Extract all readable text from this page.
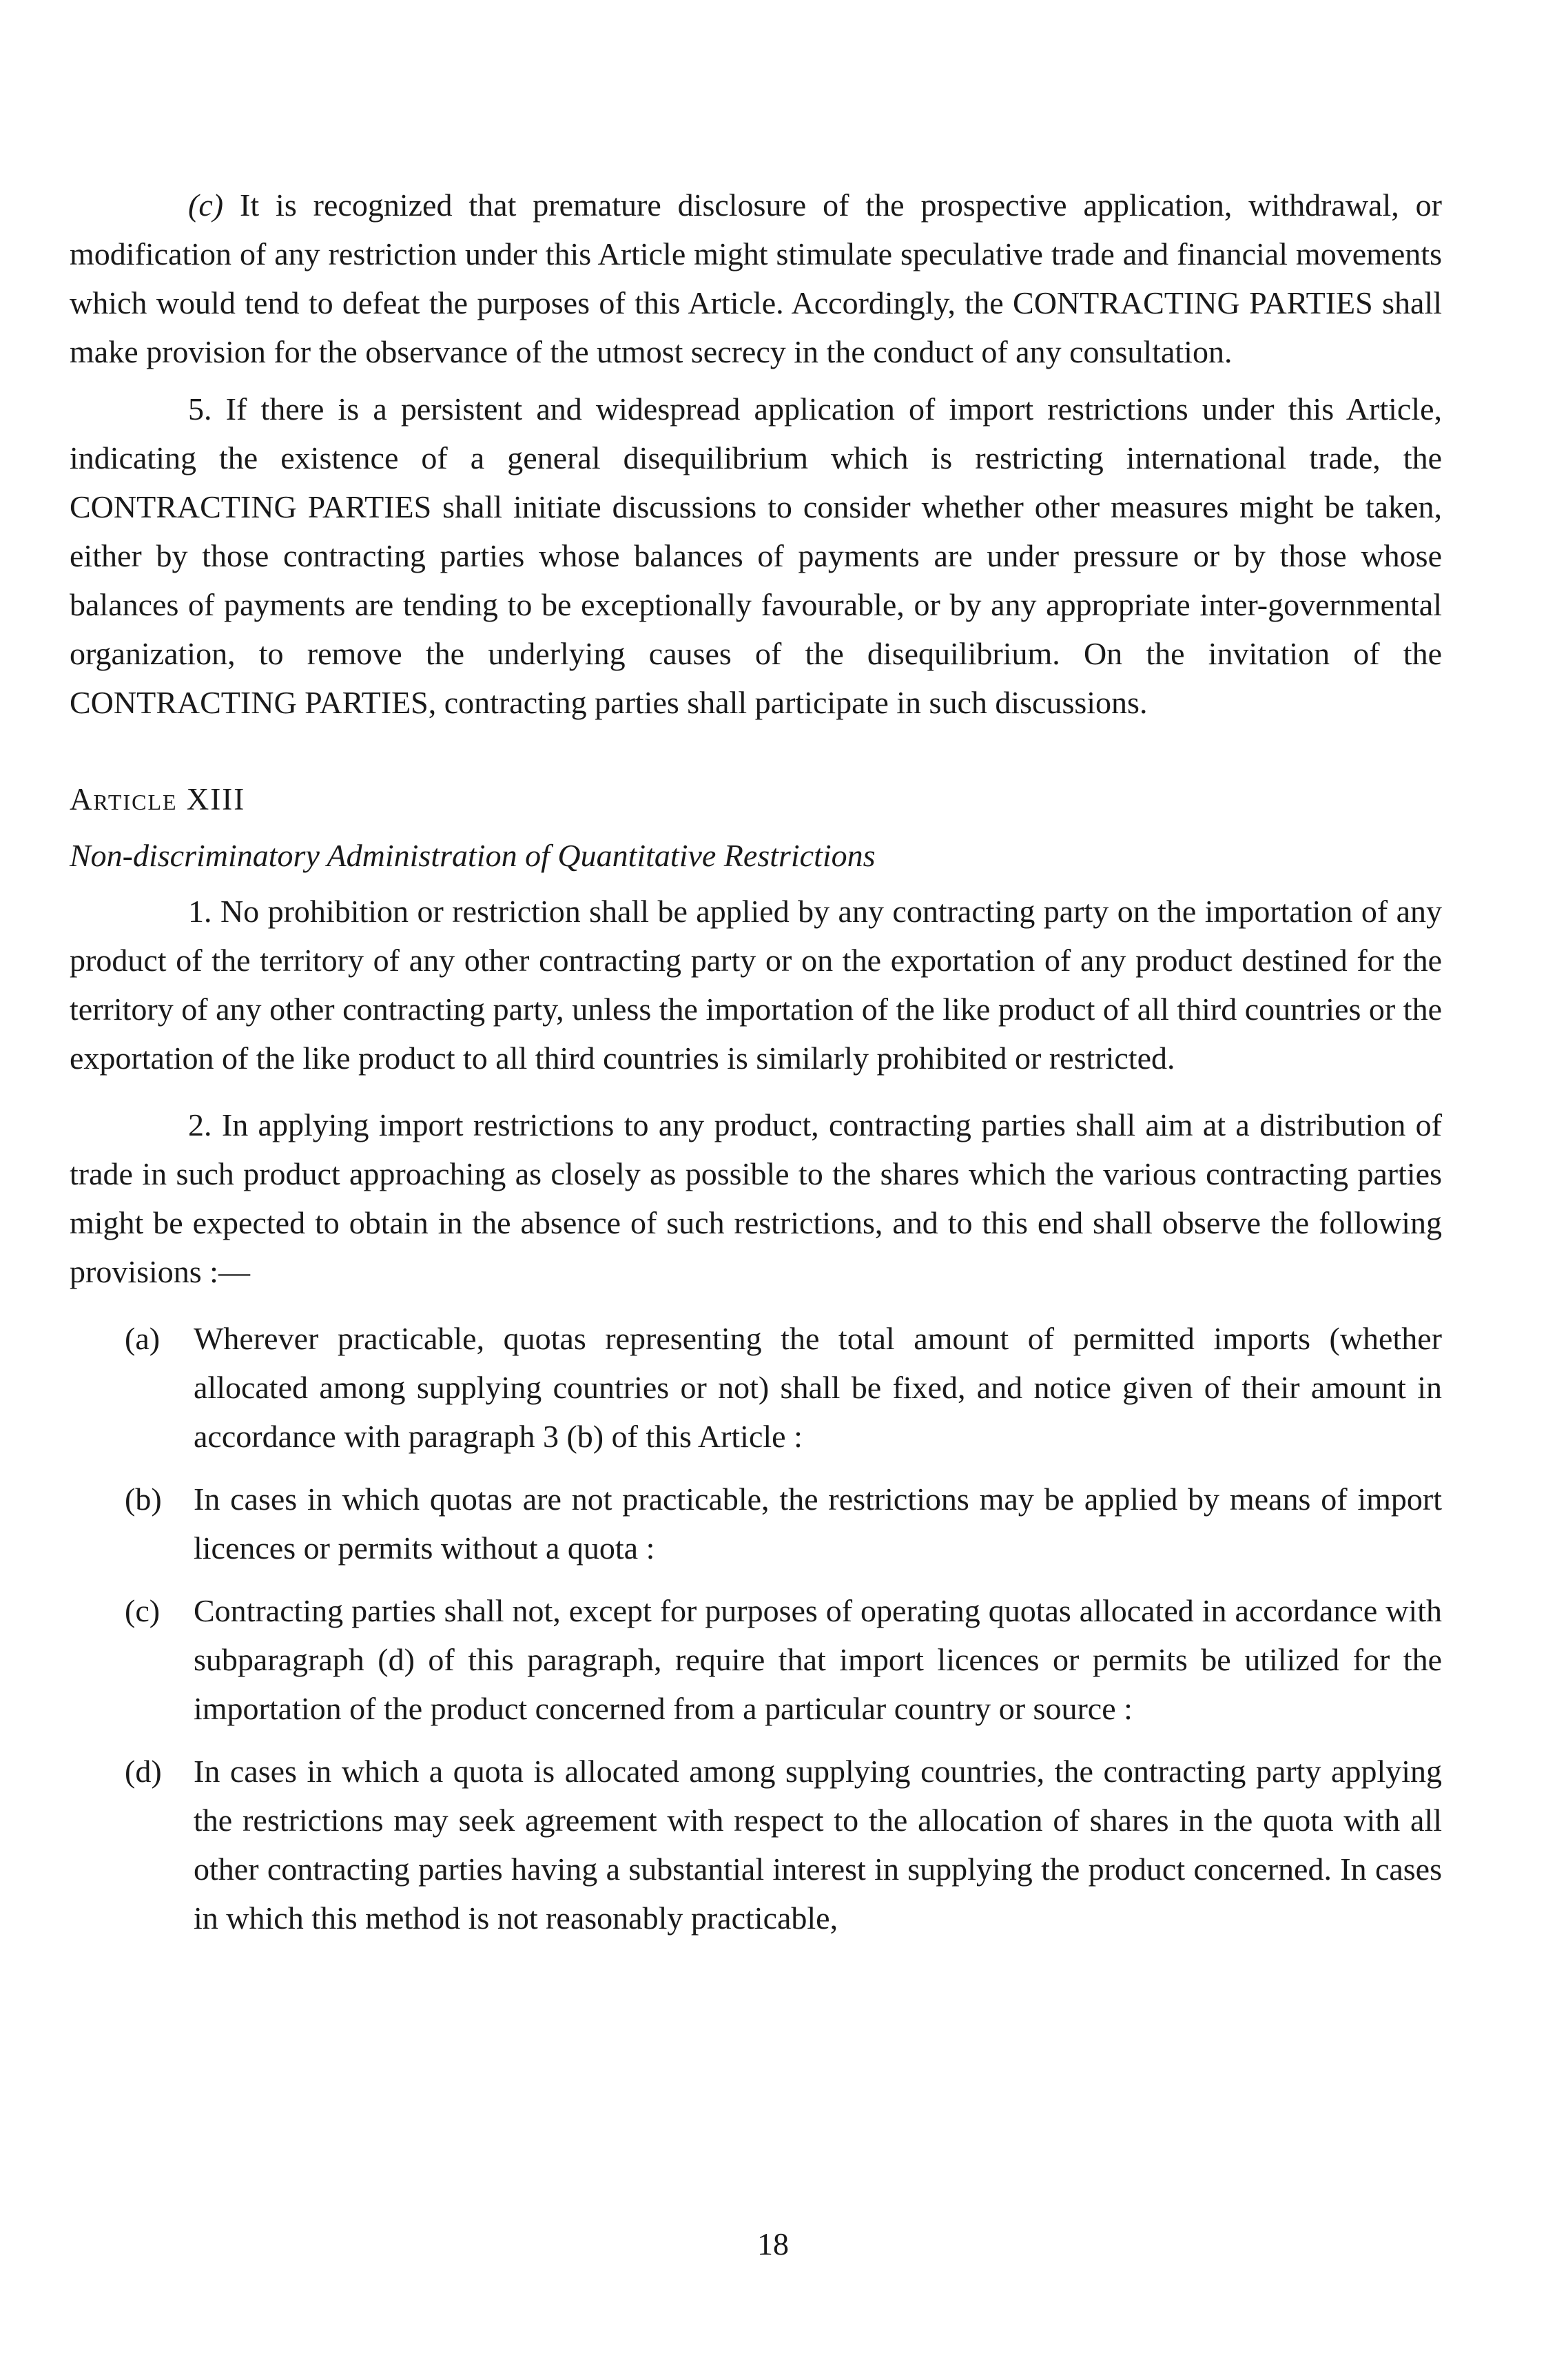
(c) It is recognized that premature disclosure of the prospective application, withdrawal, or modification of any restriction under this Article might stimulate speculative trade and financial movements which would tend to defeat the purposes of this Article. Accordingly, the CONTRACTING PARTIES shall make provision for the observance of the utmost secrecy in the conduct of any consultation.

5. If there is a persistent and widespread application of import restrictions under this Article, indicating the existence of a general disequilibrium which is restricting international trade, the CONTRACTING PARTIES shall initiate discussions to consider whether other measures might be taken, either by those contracting parties whose balances of payments are under pressure or by those whose balances of payments are tending to be exceptionally favourable, or by any appropriate inter-governmental organization, to remove the underlying causes of the disequilibrium. On the invitation of the CONTRACTING PARTIES, contracting parties shall participate in such discussions.

Article XIII
Non-discriminatory Administration of Quantitative Restrictions

1. No prohibition or restriction shall be applied by any contracting party on the importation of any product of the territory of any other contracting party or on the exportation of any product destined for the territory of any other contracting party, unless the importation of the like product of all third countries or the exportation of the like product to all third countries is similarly prohibited or restricted.

2. In applying import restrictions to any product, contracting parties shall aim at a distribution of trade in such product approaching as closely as possible to the shares which the various contracting parties might be expected to obtain in the absence of such restrictions, and to this end shall observe the following provisions :—

(a)	Wherever practicable, quotas representing the total amount of permitted imports (whether allocated among supplying countries or not) shall be fixed, and notice given of their amount in accordance with paragraph 3 (b) of this Article :
(b)	In cases in which quotas are not practicable, the restrictions may be applied by means of import licences or permits without a quota :
(c)	Contracting parties shall not, except for purposes of operating quotas allocated in accordance with subparagraph (d) of this paragraph, require that import licences or permits be utilized for the importation of the product concerned from a particular country or source :
(d)	In cases in which a quota is allocated among supplying countries, the contracting party applying the restrictions may seek agreement with respect to the allocation of shares in the quota with all other contracting parties having a substantial interest in supplying the product concerned. In cases in which this method is not reasonably practicable,
18
